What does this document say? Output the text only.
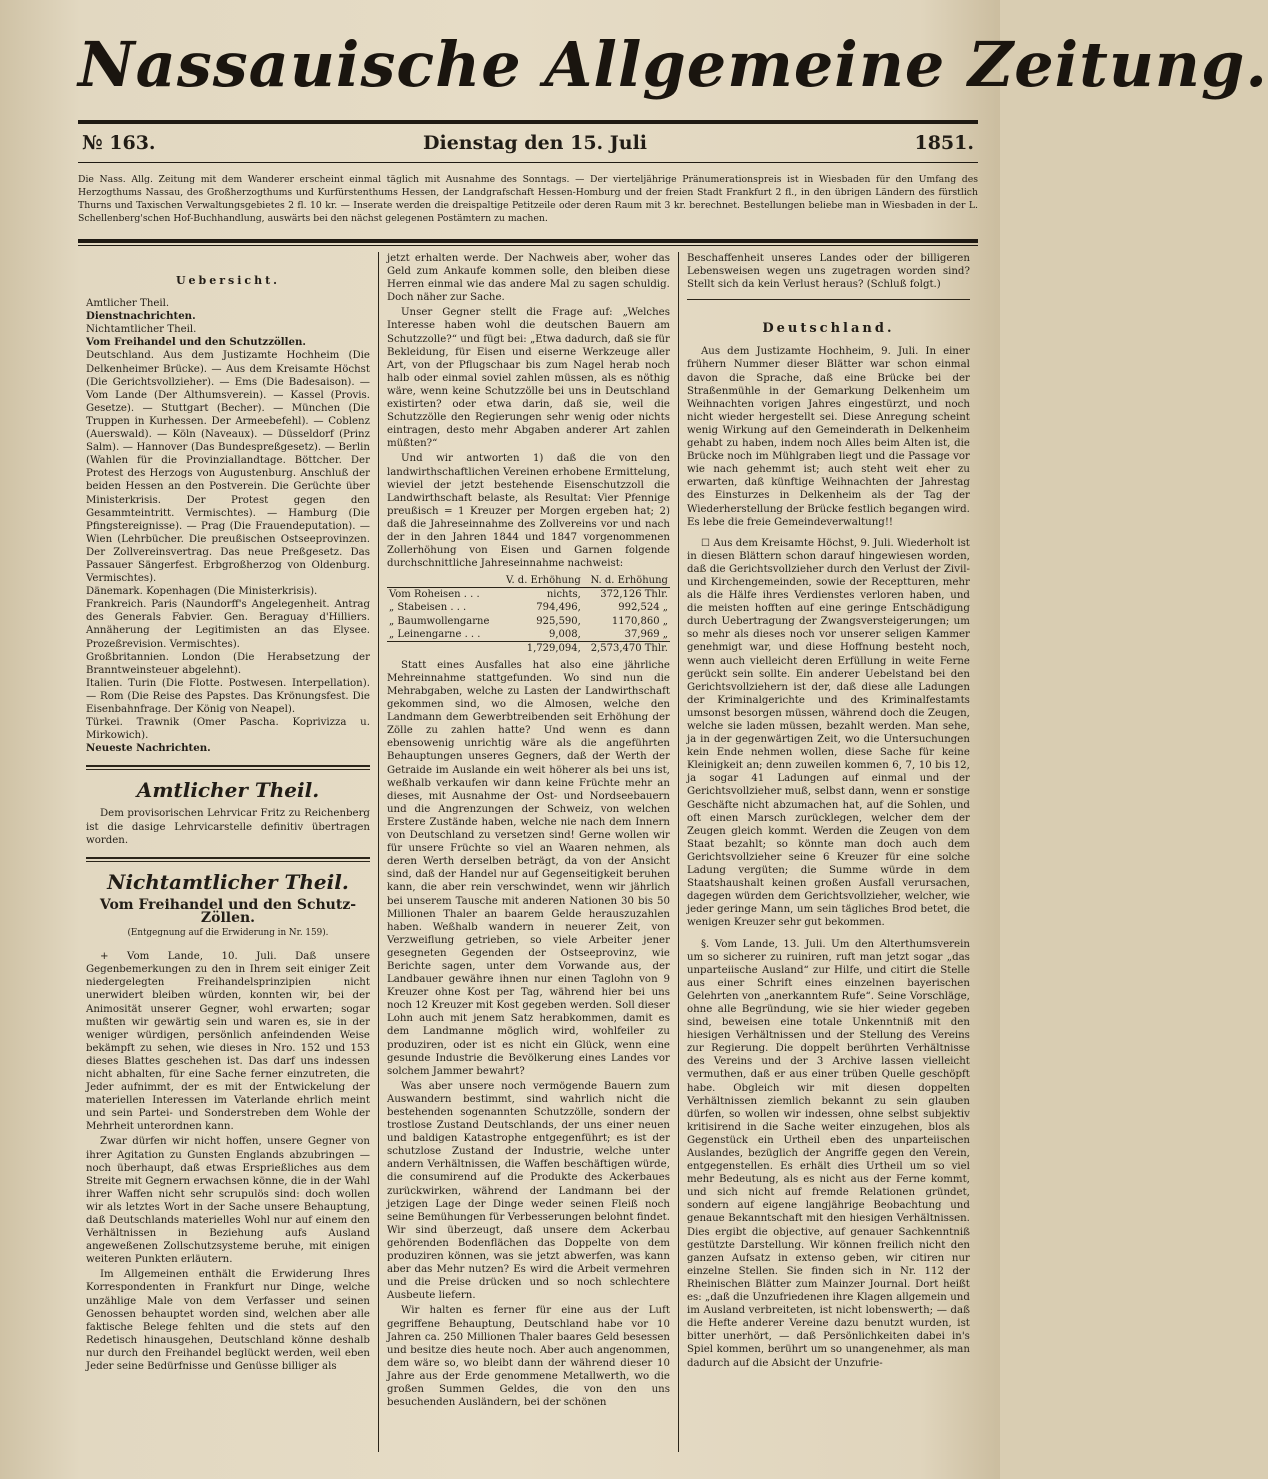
Nassauische Allgemeine Zeitung.
№ 163.	Dienstag den 15. Juli	1851.
Die Nass. Allg. Zeitung mit dem Wanderer erscheint einmal täglich mit Ausnahme des Sonntags. — Der vierteljährige Pränumerationspreis ist in Wiesbaden für den Umfang des Herzogthums Nassau, des Großherzogthums und Kurfürstenthums Hessen, der Landgrafschaft Hessen-Homburg und der freien Stadt Frankfurt 2 fl., in den übrigen Ländern des fürstlich Thurns und Taxischen Verwaltungsgebietes 2 fl. 10 kr. — Inserate werden die dreispaltige Petitzeile oder deren Raum mit 3 kr. berechnet. Bestellungen beliebe man in Wiesbaden in der L. Schellenberg'schen Hof-Buchhandlung, auswärts bei den nächst gelegenen Postämtern zu machen.
Uebersicht.

Amtlicher Theil.

Dienstnachrichten.

Nichtamtlicher Theil.

Vom Freihandel und den Schutzzöllen.

Deutschland. Aus dem Justizamte Hochheim (Die Delkenheimer Brücke). — Aus dem Kreisamte Höchst (Die Gerichtsvollzieher). — Ems (Die Badesaison). — Vom Lande (Der Althumsverein). — Kassel (Provis. Gesetze). — Stuttgart (Becher). — München (Die Truppen in Kurhessen. Der Armeebefehl). — Coblenz (Auerswald). — Köln (Naveaux). — Düsseldorf (Prinz Salm). — Hannover (Das Bundespreßgesetz). — Berlin (Wahlen für die Provinziallandtage. Böttcher. Der Protest des Herzogs von Augustenburg. Anschluß der beiden Hessen an den Postverein. Die Gerüchte über Ministerkrisis. Der Protest gegen den Gesammteintritt. Vermischtes). — Hamburg (Die Pfingstereignisse). — Prag (Die Frauendeputation). — Wien (Lehrbücher. Die preußischen Ostseeprovinzen. Der Zollvereinsvertrag. Das neue Preßgesetz. Das Passauer Sängerfest. Erbgroßherzog von Oldenburg. Vermischtes).

Dänemark. Kopenhagen (Die Ministerkrisis).

Frankreich. Paris (Naundorff's Angelegenheit. Antrag des Generals Fabvier. Gen. Beraguay d'Hilliers. Annäherung der Legitimisten an das Elysee. Prozeßrevision. Vermischtes).

Großbritannien. London (Die Herabsetzung der Branntweinsteuer abgelehnt).

Italien. Turin (Die Flotte. Postwesen. Interpellation). — Rom (Die Reise des Papstes. Das Krönungsfest. Die Eisenbahnfrage. Der König von Neapel).

Türkei. Trawnik (Omer Pascha. Koprivizza u. Mirkowich).

Neueste Nachrichten.

Amtlicher Theil.

Dem provisorischen Lehrvicar Fritz zu Reichenberg ist die dasige Lehrvicarstelle definitiv übertragen worden.

Nichtamtlicher Theil.
Vom Freihandel und den Schutz-Zöllen.
(Entgegnung auf die Erwiderung in Nr. 159).

+ Vom Lande, 10. Juli. Daß unsere Gegenbemerkungen zu den in Ihrem seit einiger Zeit niedergelegten Freihandelsprinzipien nicht unerwidert bleiben würden, konnten wir, bei der Animosität unserer Gegner, wohl erwarten; sogar mußten wir gewärtig sein und waren es, sie in der weniger würdigen, persönlich anfeindenden Weise bekämpft zu sehen, wie dieses in Nro. 152 und 153 dieses Blattes geschehen ist. Das darf uns indessen nicht abhalten, für eine Sache ferner einzutreten, die Jeder aufnimmt, der es mit der Entwickelung der materiellen Interessen im Vaterlande ehrlich meint und sein Partei- und Sonderstreben dem Wohle der Mehrheit unterordnen kann.

Zwar dürfen wir nicht hoffen, unsere Gegner von ihrer Agitation zu Gunsten Englands abzubringen — noch überhaupt, daß etwas Ersprießliches aus dem Streite mit Gegnern erwachsen könne, die in der Wahl ihrer Waffen nicht sehr scrupulös sind: doch wollen wir als letztes Wort in der Sache unsere Behauptung, daß Deutschlands materielles Wohl nur auf einem den Verhältnissen in Beziehung aufs Ausland angeweßenen Zollschutzsysteme beruhe, mit einigen weiteren Punkten erläutern.

Im Allgemeinen enthält die Erwiderung Ihres Korrespondenten in Frankfurt nur Dinge, welche unzählige Male von dem Verfasser und seinen Genossen behauptet worden sind, welchen aber alle faktische Belege fehlten und die stets auf den Redetisch hinausgehen, Deutschland könne deshalb nur durch den Freihandel beglückt werden, weil eben Jeder seine Bedürfnisse und Genüsse billiger als

jetzt erhalten werde. Der Nachweis aber, woher das Geld zum Ankaufe kommen solle, den bleiben diese Herren einmal wie das andere Mal zu sagen schuldig. Doch näher zur Sache.

Unser Gegner stellt die Frage auf: „Welches Interesse haben wohl die deutschen Bauern am Schutzzolle?“ und fügt bei: „Etwa dadurch, daß sie für Bekleidung, für Eisen und eiserne Werkzeuge aller Art, von der Pflugschaar bis zum Nagel herab noch halb oder einmal soviel zahlen müssen, als es nöthig wäre, wenn keine Schutzzölle bei uns in Deutschland existirten? oder etwa darin, daß sie, weil die Schutzzölle den Regierungen sehr wenig oder nichts eintragen, desto mehr Abgaben anderer Art zahlen müßten?“

Und wir antworten 1) daß die von den landwirthschaftlichen Vereinen erhobene Ermittelung, wieviel der jetzt bestehende Eisenschutzzoll die Landwirthschaft belaste, als Resultat: Vier Pfennige preußisch = 1 Kreuzer per Morgen ergeben hat; 2) daß die Jahreseinnahme des Zollvereins vor und nach der in den Jahren 1844 und 1847 vorgenommenen Zollerhöhung von Eisen und Garnen folgende durchschnittliche Jahreseinnahme nachweist:

	V. d. Erhöhung	N. d. Erhöhung
Vom Roheisen . . .	nichts,	372,126 Thlr.
„ Stabeisen . . .	794,496,	992,524 „
„ Baumwollengarne	925,590,	1170,860 „
„ Leinengarne . . .	9,008,	37,969 „
	1,729,094,	2,573,470 Thlr.

Statt eines Ausfalles hat also eine jährliche Mehreinnahme stattgefunden. Wo sind nun die Mehrabgaben, welche zu Lasten der Landwirthschaft gekommen sind, wo die Almosen, welche den Landmann dem Gewerbtreibenden seit Erhöhung der Zölle zu zahlen hatte? Und wenn es dann ebensowenig unrichtig wäre als die angeführten Behauptungen unseres Gegners, daß der Werth der Getraide im Auslande ein weit höherer als bei uns ist, weßhalb verkaufen wir dann keine Früchte mehr an dieses, mit Ausnahme der Ost- und Nordseebauern und die Angrenzungen der Schweiz, von welchen Erstere Zustände haben, welche nie nach dem Innern von Deutschland zu versetzen sind! Gerne wollen wir für unsere Früchte so viel an Waaren nehmen, als deren Werth derselben beträgt, da von der Ansicht sind, daß der Handel nur auf Gegenseitigkeit beruhen kann, die aber rein verschwindet, wenn wir jährlich bei unserem Tausche mit anderen Nationen 30 bis 50 Millionen Thaler an baarem Gelde herauszuzahlen haben. Weßhalb wandern in neuerer Zeit, von Verzweiflung getrieben, so viele Arbeiter jener gesegneten Gegenden der Ostseeprovinz, wie Berichte sagen, unter dem Vorwande aus, der Landbauer gewähre ihnen nur einen Taglohn von 9 Kreuzer ohne Kost per Tag, während hier bei uns noch 12 Kreuzer mit Kost gegeben werden. Soll dieser Lohn auch mit jenem Satz herabkommen, damit es dem Landmanne möglich wird, wohlfeiler zu produziren, oder ist es nicht ein Glück, wenn eine gesunde Industrie die Bevölkerung eines Landes vor solchem Jammer bewahrt?

Was aber unsere noch vermögende Bauern zum Auswandern bestimmt, sind wahrlich nicht die bestehenden sogenannten Schutzzölle, sondern der trostlose Zustand Deutschlands, der uns einer neuen und baldigen Katastrophe entgegenführt; es ist der schutzlose Zustand der Industrie, welche unter andern Verhältnissen, die Waffen beschäftigen würde, die consumirend auf die Produkte des Ackerbaues zurückwirken, während der Landmann bei der jetzigen Lage der Dinge weder seinen Fleiß noch seine Bemühungen für Verbesserungen belohnt findet. Wir sind überzeugt, daß unsere dem Ackerbau gehörenden Bodenflächen das Doppelte von dem produziren können, was sie jetzt abwerfen, was kann aber das Mehr nutzen? Es wird die Arbeit vermehren und die Preise drücken und so noch schlechtere Ausbeute liefern.

Wir halten es ferner für eine aus der Luft gegriffene Behauptung, Deutschland habe vor 10 Jahren ca. 250 Millionen Thaler baares Geld besessen und besitze dies heute noch. Aber auch angenommen, dem wäre so, wo bleibt dann der während dieser 10 Jahre aus der Erde genommene Metallwerth, wo die großen Summen Geldes, die von den uns besuchenden Ausländern, bei der schönen

Beschaffenheit unseres Landes oder der billigeren Lebensweisen wegen uns zugetragen worden sind? Stellt sich da kein Verlust heraus? (Schluß folgt.)

Deutschland.

Aus dem Justizamte Hochheim, 9. Juli. In einer frühern Nummer dieser Blätter war schon einmal davon die Sprache, daß eine Brücke bei der Straßenmühle in der Gemarkung Delkenheim um Weihnachten vorigen Jahres eingestürzt, und noch nicht wieder hergestellt sei. Diese Anregung scheint wenig Wirkung auf den Gemeinderath in Delkenheim gehabt zu haben, indem noch Alles beim Alten ist, die Brücke noch im Mühlgraben liegt und die Passage vor wie nach gehemmt ist; auch steht weit eher zu erwarten, daß künftige Weihnachten der Jahrestag des Einsturzes in Delkenheim als der Tag der Wiederherstellung der Brücke festlich begangen wird. Es lebe die freie Gemeindeverwaltung!!

☐ Aus dem Kreisamte Höchst, 9. Juli. Wiederholt ist in diesen Blättern schon darauf hingewiesen worden, daß die Gerichtsvollzieher durch den Verlust der Zivil- und Kirchengemeinden, sowie der Receptturen, mehr als die Hälfe ihres Verdienstes verloren haben, und die meisten hofften auf eine geringe Entschädigung durch Uebertragung der Zwangsversteigerungen; um so mehr als dieses noch vor unserer seligen Kammer genehmigt war, und diese Hoffnung besteht noch, wenn auch vielleicht deren Erfüllung in weite Ferne gerückt sein sollte. Ein anderer Uebelstand bei den Gerichtsvollziehern ist der, daß diese alle Ladungen der Kriminalgerichte und des Kriminalfestamts umsonst besorgen müssen, während doch die Zeugen, welche sie laden müssen, bezahlt werden. Man sehe, ja in der gegenwärtigen Zeit, wo die Untersuchungen kein Ende nehmen wollen, diese Sache für keine Kleinigkeit an; denn zuweilen kommen 6, 7, 10 bis 12, ja sogar 41 Ladungen auf einmal und der Gerichtsvollzieher muß, selbst dann, wenn er sonstige Geschäfte nicht abzumachen hat, auf die Sohlen, und oft einen Marsch zurücklegen, welcher dem der Zeugen gleich kommt. Werden die Zeugen von dem Staat bezahlt; so könnte man doch auch dem Gerichtsvollzieher seine 6 Kreuzer für eine solche Ladung vergüten; die Summe würde in dem Staatshaushalt keinen großen Ausfall verursachen, dagegen würden dem Gerichtsvollzieher, welcher, wie jeder geringe Mann, um sein tägliches Brod betet, die wenigen Kreuzer sehr gut bekommen.

§. Vom Lande, 13. Juli. Um den Alterthumsverein um so sicherer zu ruiniren, ruft man jetzt sogar „das unparteiische Ausland“ zur Hilfe, und citirt die Stelle aus einer Schrift eines einzelnen bayerischen Gelehrten von „anerkanntem Rufe“. Seine Vorschläge, ohne alle Begründung, wie sie hier wieder gegeben sind, beweisen eine totale Unkenntniß mit den hiesigen Verhältnissen und der Stellung des Vereins zur Regierung. Die doppelt berührten Verhältnisse des Vereins und der 3 Archive lassen vielleicht vermuthen, daß er aus einer trüben Quelle geschöpft habe. Obgleich wir mit diesen doppelten Verhältnissen ziemlich bekannt zu sein glauben dürfen, so wollen wir indessen, ohne selbst subjektiv kritisirend in die Sache weiter einzugehen, blos als Gegenstück ein Urtheil eben des unparteiischen Auslandes, bezüglich der Angriffe gegen den Verein, entgegenstellen. Es erhält dies Urtheil um so viel mehr Bedeutung, als es nicht aus der Ferne kommt, und sich nicht auf fremde Relationen gründet, sondern auf eigene langjährige Beobachtung und genaue Bekanntschaft mit den hiesigen Verhältnissen. Dies ergibt die objective, auf genauer Sachkenntniß gestützte Darstellung. Wir können freilich nicht den ganzen Aufsatz in extenso geben, wir citiren nur einzelne Stellen. Sie finden sich in Nr. 112 der Rheinischen Blätter zum Mainzer Journal. Dort heißt es: „daß die Unzufriedenen ihre Klagen allgemein und im Ausland verbreiteten, ist nicht lobenswerth; — daß die Hefte anderer Vereine dazu benutzt wurden, ist bitter unerhört, — daß Persönlichkeiten dabei in's Spiel kommen, berührt um so unangenehmer, als man dadurch auf die Absicht der Unzufrie-
